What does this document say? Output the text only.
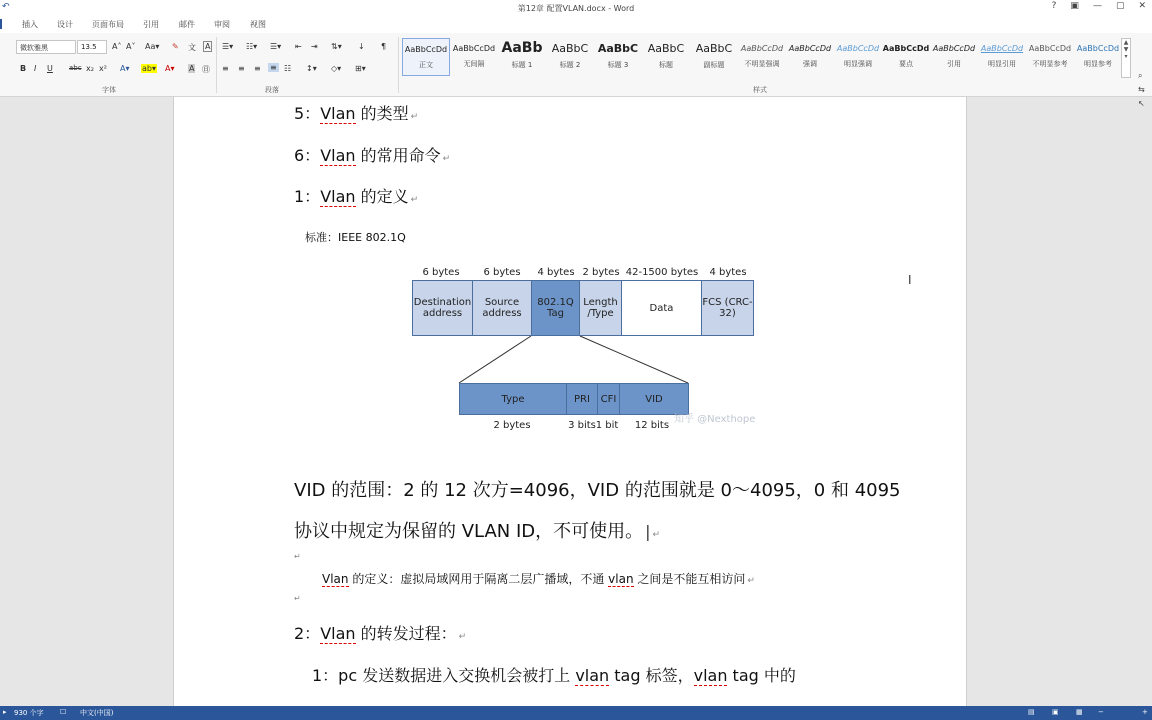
↶	第12章 配置VLAN.docx - Word	? ▣ — ▢ ✕
插入 设计 页面布局 引用	邮件 审阅	视图
微软雅黑	13.5	A˄ A˅ Aa▾ ✎ 文 A
B I U abc x₂ x² A▾ ab▾ A▾ A ㊐
字体
☰▾ ☷▾ ☰▾ ⇤ ⇥ ⇅▾ ↓ ¶
≡ ≡ ≡ ≡ ☷ ↕▾ ◇▾ ⊞▾
段落
AaBbCcDd
正文
AaBbCcDd
无间隔
AaBb
标题 1
AaBbC
标题 2
AaBbC
标题 3
AaBbC
标题
AaBbC
副标题
AaBbCcDd
不明显强调
AaBbCcDd
强调
AaBbCcDd
明显强调
AaBbCcDd
要点
AaBbCcDd
引用
AaBbCcDd
明显引用
AaBbCcDd
不明显参考
AaBbCcDd
明显参考
样式
⌕
⇆
↖
▲
▼
▾
5：Vlan 的类型 ↵
6：Vlan 的常用命令 ↵
1：Vlan 的定义 ↵
I
标准：IEEE 802.1Q
VID 的范围：2 的 12 次方=4096，VID 的范围就是 0～4095，0 和 4095
协议中规定为保留的 VLAN ID，不可使用。 | ↵
↵
Vlan 的定义：虚拟局域网用于隔离二层广播域，不通 vlan 之间是不能互相访问 ↵
↵
2：Vlan 的转发过程： ↵
1：pc 发送数据进入交换机会被打上 vlan tag 标签，vlan tag 中的
6 bytes	6 bytes	4 bytes 2 bytes 42-1500 bytes	4 bytes
Destination address
Source address
802.1Q Tag
Length /Type	Data	FCS (CRC-32)
Type	PRI	CFI	VID
2 bytes	3 bits 1 bit	12 bits
知乎 @Nexthope
▸ 930 个字 ☐ 中文(中国)	▤ ▣ ▦ −	+
